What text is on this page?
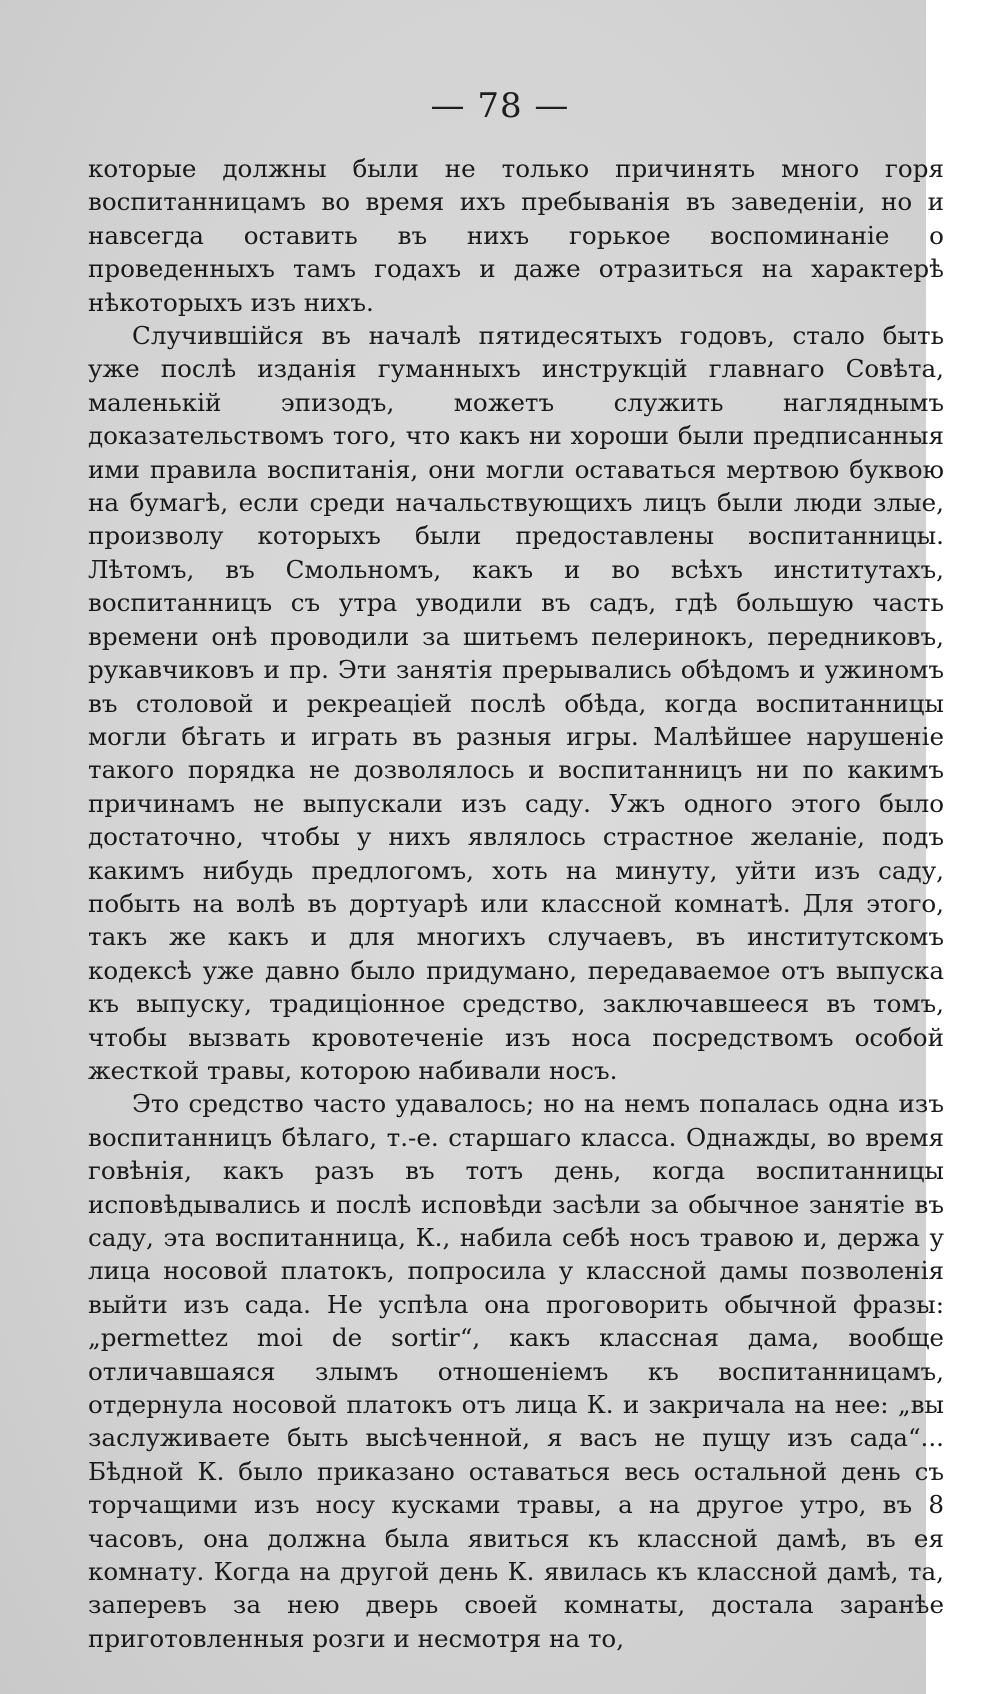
— 78 —

которые должны были не только причинять много горя воспитанницамъ во время ихъ пребыванія въ заведеніи, но и навсегда оставить въ нихъ горькое воспоминаніе о проведенныхъ тамъ годахъ и даже отразиться на характерѣ нѣкоторыхъ изъ нихъ.

Случившійся въ началѣ пятидесятыхъ годовъ, стало быть уже послѣ изданія гуманныхъ инструкцій главнаго Совѣта, маленькій эпизодъ, можетъ служить нагляднымъ доказательствомъ того, что какъ ни хороши были предписанныя ими правила воспитанія, они могли оставаться мертвою буквою на бумагѣ, если среди начальствующихъ лицъ были люди злые, произволу которыхъ были предоставлены воспитанницы. Лѣтомъ, въ Смольномъ, какъ и во всѣхъ институтахъ, воспитанницъ съ утра уводили въ садъ, гдѣ большую часть времени онѣ проводили за шитьемъ пелеринокъ, передниковъ, рукавчиковъ и пр. Эти занятія прерывались обѣдомъ и ужиномъ въ столовой и рекреаціей послѣ обѣда, когда воспитанницы могли бѣгать и играть въ разныя игры. Малѣйшее нарушеніе такого порядка не дозволялось и воспитанницъ ни по какимъ причинамъ не выпускали изъ саду. Ужъ одного этого было достаточно, чтобы у нихъ являлось страстное желаніе, подъ какимъ нибудь предлогомъ, хоть на минуту, уйти изъ саду, побыть на волѣ въ дортуарѣ или классной комнатѣ. Для этого, такъ же какъ и для многихъ случаевъ, въ институтскомъ кодексѣ уже давно было придумано, передаваемое отъ выпуска къ выпуску, традиціонное средство, заключавшееся въ томъ, чтобы вызвать кровотеченіе изъ носа посредствомъ особой жесткой травы, которою набивали носъ.

Это средство часто удавалось; но на немъ попалась одна изъ воспитанницъ бѣлаго, т.-е. старшаго класса. Однажды, во время говѣнія, какъ разъ въ тотъ день, когда воспитанницы исповѣдывались и послѣ исповѣди засѣли за обычное занятіе въ саду, эта воспитанница, К., набила себѣ носъ травою и, держа у лица носовой платокъ, попросила у классной дамы позволенія выйти изъ сада. Не успѣла она проговорить обычной фразы: „permettez moi de sortir“, какъ классная дама, вообще отличавшаяся злымъ отношеніемъ къ воспитанницамъ, отдернула носовой платокъ отъ лица К. и закричала на нее: „вы заслуживаете быть высѣченной, я васъ не пущу изъ сада“... Бѣдной К. было приказано оставаться весь остальной день съ торчащими изъ носу кусками травы, а на другое утро, въ 8 часовъ, она должна была явиться къ классной дамѣ, въ ея комнату. Когда на другой день К. явилась къ классной дамѣ, та, заперевъ за нею дверь своей комнаты, достала заранѣе приготовленныя розги и несмотря на то,
